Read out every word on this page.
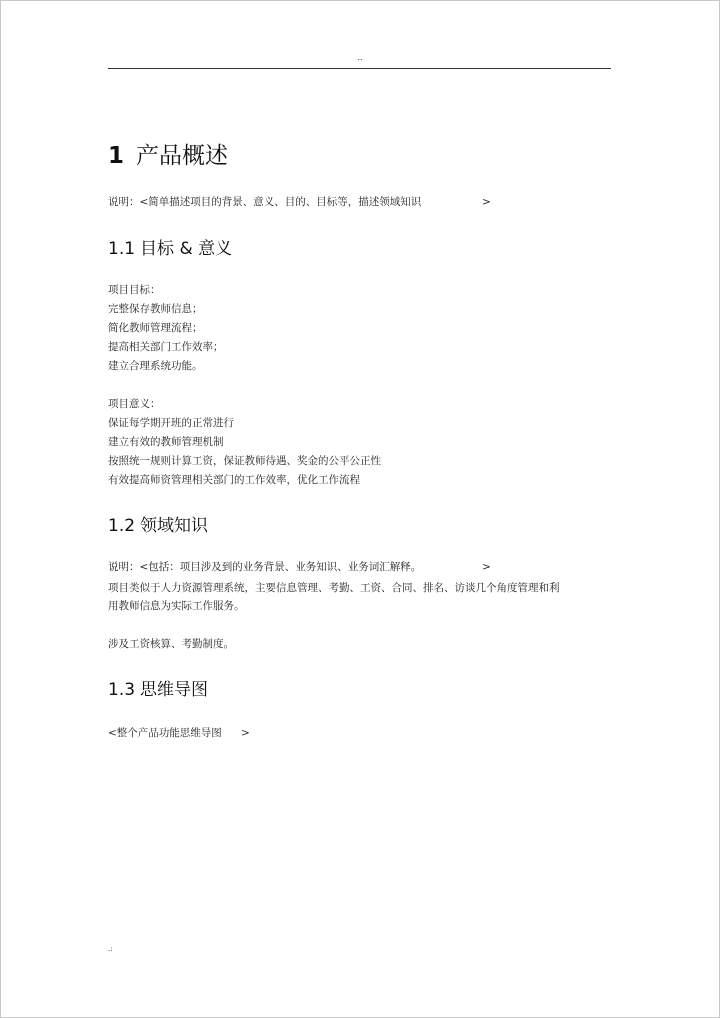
..
1 产品概述
说明：<简单描述项目的背景、意义、目的、目标等，描述领域知识	>
1.1 目标 & 意义
项目目标：
完整保存教师信息；
简化教师管理流程；
提高相关部门工作效率；
建立合理系统功能。
项目意义：
保证每学期开班的正常进行
建立有效的教师管理机制
按照统一规则计算工资，保证教师待遇、奖金的公平公正性
有效提高师资管理相关部门的工作效率，优化工作流程
1.2 领域知识
说明：<包括：项目涉及到的业务背景、业务知识、业务词汇解释。	>
项目类似于人力资源管理系统，主要信息管理、考勤、工资、合同、排名、访谈几个角度管理和利用教师信息为实际工作服务。
涉及工资核算、考勤制度。
1.3 思维导图
<整个产品功能思维导图 >
.:
